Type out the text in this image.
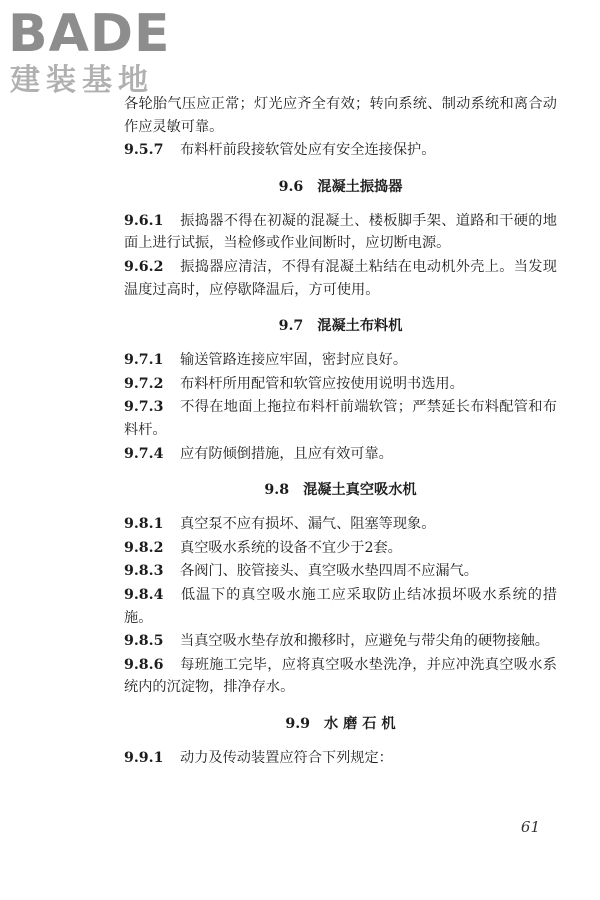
BADE
建装基地

各轮胎气压应正常；灯光应齐全有效；转向系统、制动系统和离合动作应灵敏可靠。

9.5.7 布料杆前段接软管处应有安全连接保护。

9.6 混凝土振捣器

9.6.1 振捣器不得在初凝的混凝土、楼板脚手架、道路和干硬的地面上进行试振，当检修或作业间断时，应切断电源。

9.6.2 振捣器应清洁，不得有混凝土粘结在电动机外壳上。当发现温度过高时，应停歇降温后，方可使用。

9.7 混凝土布料机

9.7.1 输送管路连接应牢固，密封应良好。

9.7.2 布料杆所用配管和软管应按使用说明书选用。

9.7.3 不得在地面上拖拉布料杆前端软管；严禁延长布料配管和布料杆。

9.7.4 应有防倾倒措施，且应有效可靠。

9.8 混凝土真空吸水机

9.8.1 真空泵不应有损坏、漏气、阻塞等现象。

9.8.2 真空吸水系统的设备不宜少于2套。

9.8.3 各阀门、胶管接头、真空吸水垫四周不应漏气。

9.8.4 低温下的真空吸水施工应采取防止结冰损坏吸水系统的措施。

9.8.5 当真空吸水垫存放和搬移时，应避免与带尖角的硬物接触。

9.8.6 每班施工完毕，应将真空吸水垫洗净，并应冲洗真空吸水系统内的沉淀物，排净存水。

9.9 水 磨 石 机

9.9.1 动力及传动装置应符合下列规定：

61
